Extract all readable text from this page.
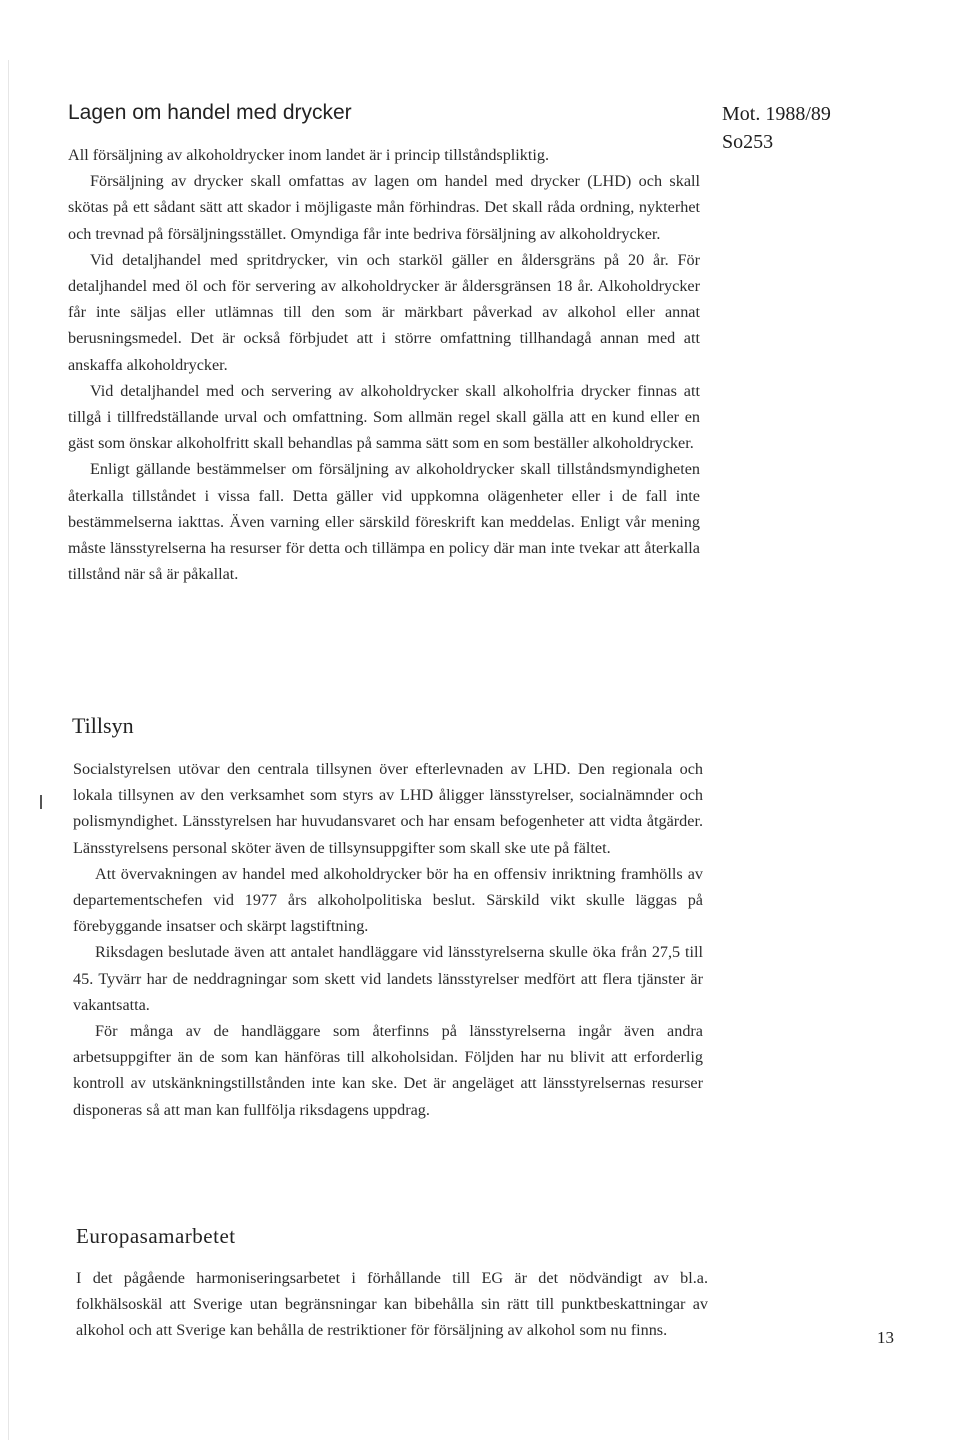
Mot. 1988/89
So253
Lagen om handel med drycker

All försäljning av alkoholdrycker inom landet är i princip tillståndspliktig.

Försäljning av drycker skall omfattas av lagen om handel med drycker (LHD) och skall skötas på ett sådant sätt att skador i möjligaste mån förhindras. Det skall råda ordning, nykterhet och trevnad på försäljningsstället. Omyndiga får inte bedriva försäljning av alkoholdrycker.

Vid detaljhandel med spritdrycker, vin och starköl gäller en åldersgräns på 20 år. För detaljhandel med öl och för servering av alkoholdrycker är åldersgränsen 18 år. Alkoholdrycker får inte säljas eller utlämnas till den som är märkbart påverkad av alkohol eller annat berusningsmedel. Det är också förbjudet att i större omfattning tillhandagå annan med att anskaffa alkoholdrycker.

Vid detaljhandel med och servering av alkoholdrycker skall alkoholfria drycker finnas att tillgå i tillfredställande urval och omfattning. Som allmän regel skall gälla att en kund eller en gäst som önskar alkoholfritt skall behandlas på samma sätt som en som beställer alkoholdrycker.

Enligt gällande bestämmelser om försäljning av alkoholdrycker skall tillståndsmyndigheten återkalla tillståndet i vissa fall. Detta gäller vid uppkomna olägenheter eller i de fall inte bestämmelserna iakttas. Även varning eller särskild föreskrift kan meddelas. Enligt vår mening måste länsstyrelserna ha resurser för detta och tillämpa en policy där man inte tvekar att återkalla tillstånd när så är påkallat.

Tillsyn

Socialstyrelsen utövar den centrala tillsynen över efterlevnaden av LHD. Den regionala och lokala tillsynen av den verksamhet som styrs av LHD åligger länsstyrelser, socialnämnder och polismyndighet. Länsstyrelsen har huvudansvaret och har ensam befogenheter att vidta åtgärder. Länsstyrelsens personal sköter även de tillsynsuppgifter som skall ske ute på fältet.

Att övervakningen av handel med alkoholdrycker bör ha en offensiv inriktning framhölls av departementschefen vid 1977 års alkoholpolitiska beslut. Särskild vikt skulle läggas på förebyggande insatser och skärpt lagstiftning.

Riksdagen beslutade även att antalet handläggare vid länsstyrelserna skulle öka från 27,5 till 45. Tyvärr har de neddragningar som skett vid landets länsstyrelser medfört att flera tjänster är vakantsatta.

För många av de handläggare som återfinns på länsstyrelserna ingår även andra arbetsuppgifter än de som kan hänföras till alkoholsidan. Följden har nu blivit att erforderlig kontroll av utskänkningstillstånden inte kan ske. Det är angeläget att länsstyrelsernas resurser disponeras så att man kan fullfölja riksdagens uppdrag.

Europasamarbetet

I det pågående harmoniseringsarbetet i förhållande till EG är det nödvändigt av bl.a. folkhälsoskäl att Sverige utan begränsningar kan bibehålla sin rätt till punktbeskattningar av alkohol och att Sverige kan behålla de restriktioner för försäljning av alkohol som nu finns.	13
